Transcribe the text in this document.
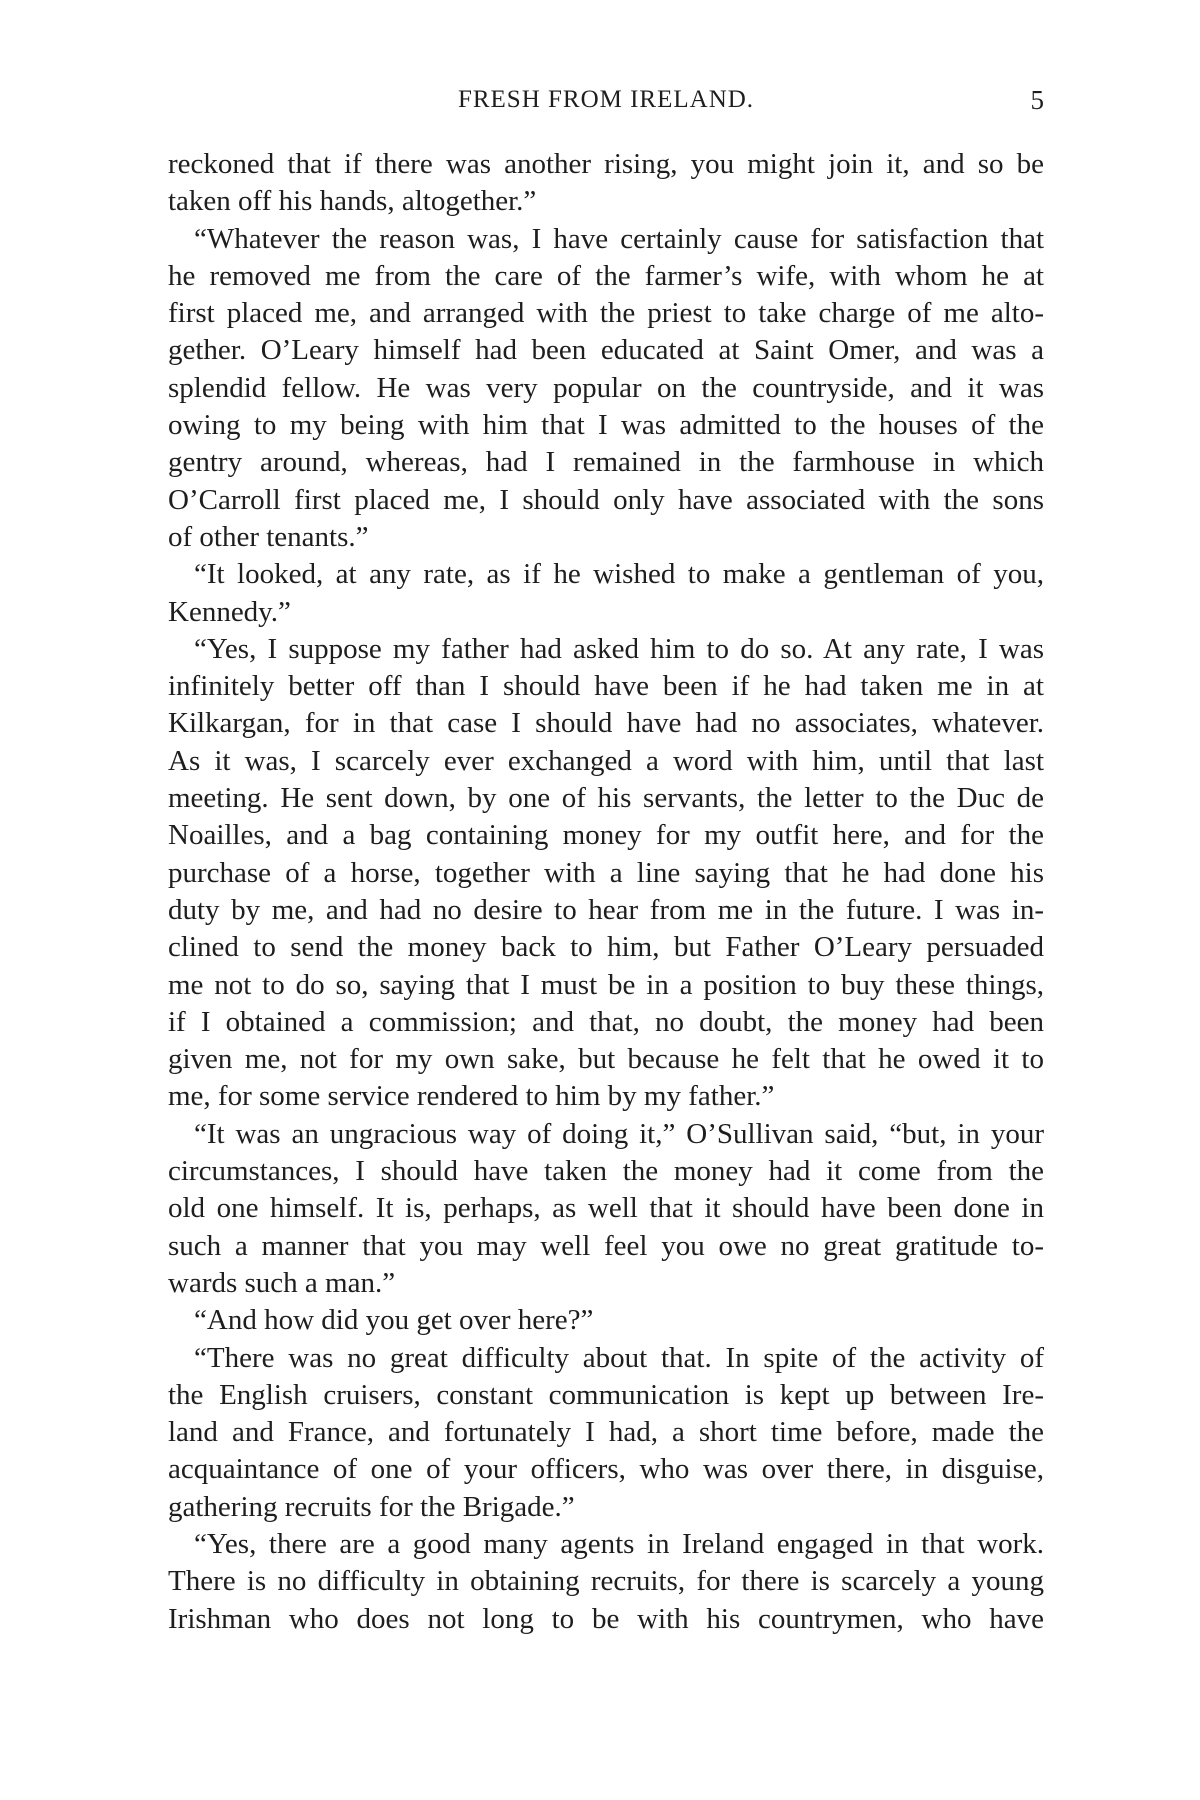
FRESH FROM IRELAND.	5
reckoned that if there was another rising, you might join it, and so be
taken off his hands, altogether.”
“Whatever the reason was, I have certainly cause for satisfaction that
he removed me from the care of the farmer’s wife, with whom he at
first placed me, and arranged with the priest to take charge of me alto-
gether. O’Leary himself had been educated at Saint Omer, and was a
splendid fellow. He was very popular on the countryside, and it was
owing to my being with him that I was admitted to the houses of the
gentry around, whereas, had I remained in the farmhouse in which
O’Carroll first placed me, I should only have associated with the sons
of other tenants.”
“It looked, at any rate, as if he wished to make a gentleman of you,
Kennedy.”
“Yes, I suppose my father had asked him to do so. At any rate, I was
infinitely better off than I should have been if he had taken me in at
Kilkargan, for in that case I should have had no associates, whatever.
As it was, I scarcely ever exchanged a word with him, until that last
meeting. He sent down, by one of his servants, the letter to the Duc de
Noailles, and a bag containing money for my outfit here, and for the
purchase of a horse, together with a line saying that he had done his
duty by me, and had no desire to hear from me in the future. I was in-
clined to send the money back to him, but Father O’Leary persuaded
me not to do so, saying that I must be in a position to buy these things,
if I obtained a commission; and that, no doubt, the money had been
given me, not for my own sake, but because he felt that he owed it to
me, for some service rendered to him by my father.”
“It was an ungracious way of doing it,” O’Sullivan said, “but, in your
circumstances, I should have taken the money had it come from the
old one himself. It is, perhaps, as well that it should have been done in
such a manner that you may well feel you owe no great gratitude to-
wards such a man.”
“And how did you get over here?”
“There was no great difficulty about that. In spite of the activity of
the English cruisers, constant communication is kept up between Ire-
land and France, and fortunately I had, a short time before, made the
acquaintance of one of your officers, who was over there, in disguise,
gathering recruits for the Brigade.”
“Yes, there are a good many agents in Ireland engaged in that work.
There is no difficulty in obtaining recruits, for there is scarcely a young
Irishman who does not long to be with his countrymen, who have
